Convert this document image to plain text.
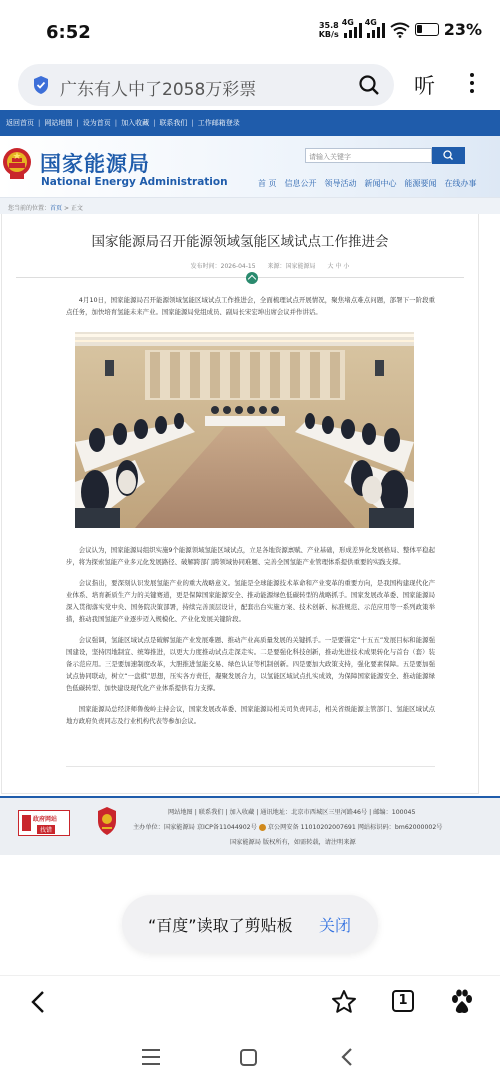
6:52	35.8
KB/s
4G 4G	23%
广东有人中了2058万彩票	听
返回首页 | 网站地图 | 设为首页 | 加入收藏 | 联系我们 | 工作邮箱登录
国家能源局
National Energy Administration
请输入关键字
首 页 信息公开 领导活动 新闻中心 能源要闻 在线办事
您当前的位置：首页 > 正文
国家能源局召开能源领域氢能区域试点工作推进会
发布时间：2026-04-15 来源：国家能源局 大 中 小

4月10日，国家能源局召开能源领域氢能区域试点工作推进会，全面梳理试点开展情况，聚焦堵点难点问题，部署下一阶段重点任务，加快培育氢能未来产业。国家能源局党组成员、副局长宋宏坤出席会议并作讲话。

会议认为，国家能源局组织实施9个能源领域氢能区域试点，立足各地资源禀赋、产业基础，形成差异化发展格局、整体平稳起步，将为探索氢能产业多元化发展路径、破解跨部门跨领域协同难题、完善全国氢能产业管理体系提供重要的实践支撑。

会议指出，要深刻认识发展氢能产业的重大战略意义。氢能是全球能源技术革命和产业变革的重要方向，是我国构建现代化产业体系、培育新质生产力的关键赛道，更是保障国家能源安全、推动能源绿色低碳转型的战略抓手。国家发展改革委、国家能源局深入贯彻落实党中央、国务院决策部署，持续完善顶层设计，配套出台实施方案、技术创新、标准规范、示范应用等一系列政策举措，推动我国氢能产业逐步迈入规模化、产业化发展关键阶段。

会议强调，氢能区域试点是破解氢能产业发展难题、推动产业高质量发展的关键抓手。一是要锚定“十五五”发展目标和能源强国建设，坚持因地制宜、统筹推进，以更大力度推动试点走深走实。二是要强化科技创新，推动先进技术成果转化与首台（套）装备示范应用。三是要加速制度改革，大胆推进氢能交易、绿色认证等机制创新。四是要加大政策支持，强化要素保障。五是要加强试点协同联动，树立“一盘棋”思想，压实各方责任，凝聚发展合力，以氢能区域试点扎实成效，为保障国家能源安全、推动能源绿色低碳转型、加快建设现代化产业体系提供有力支撑。

国家能源局总经济师鲁俊岭主持会议，国家发展改革委、国家能源局相关司负责同志，相关省级能源主管部门、氢能区域试点地方政府负责同志及行业机构代表等参加会议。

政府网站
找错
网站地图 | 联系我们 | 加入收藏 | 通讯地址：北京市西城区三里河路46号 | 邮编：100045
主办单位：国家能源局 京ICP备11044902号 京公网安备 11010202007691 网站标识码：bm62000002号
国家能源局 版权所有，如需转载，请注明来源
“百度”读取了剪贴板 关闭
1
